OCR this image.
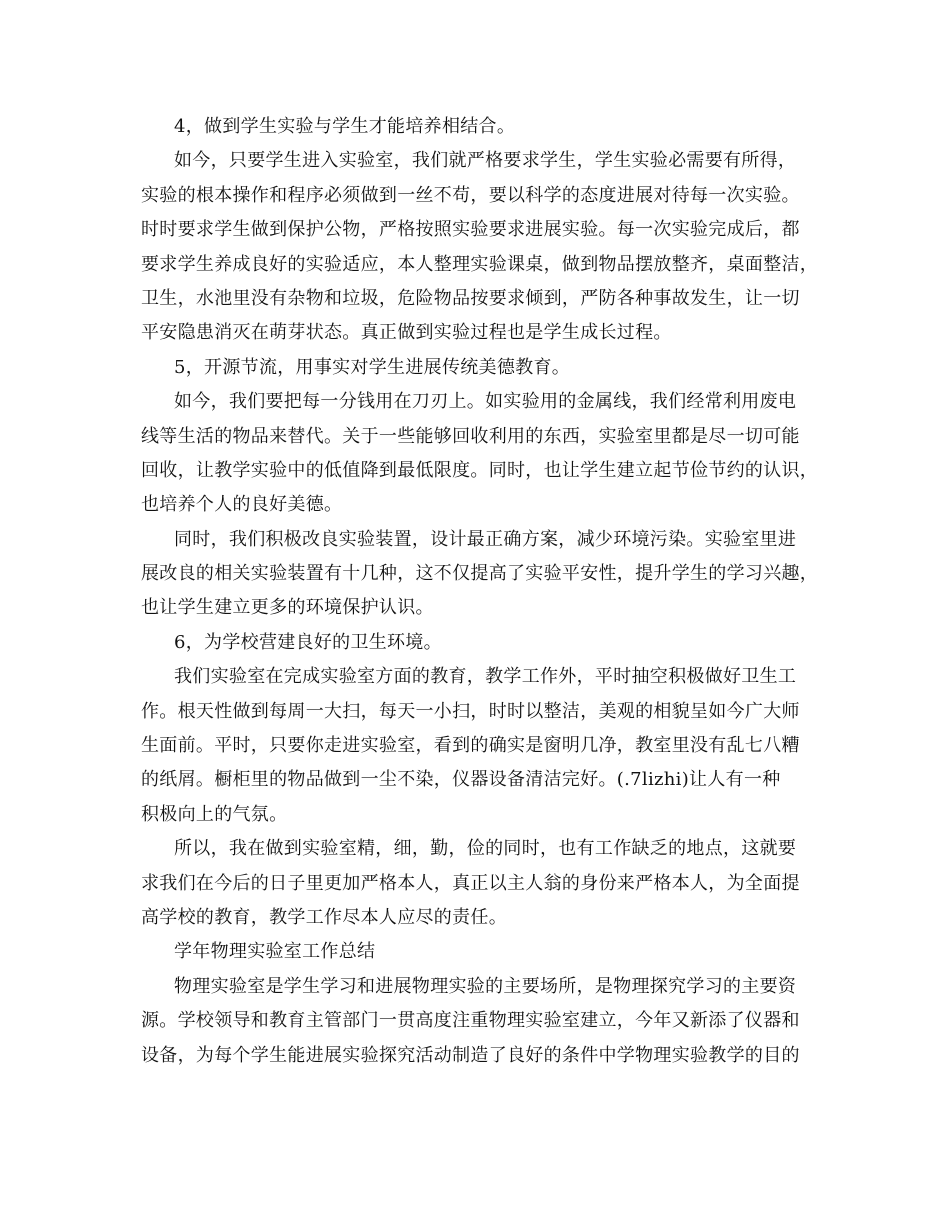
4，做到学生实验与学生才能培养相结合。
如今，只要学生进入实验室，我们就严格要求学生，学生实验必需要有所得，
实验的根本操作和程序必须做到一丝不苟，要以科学的态度进展对待每一次实验。
时时要求学生做到保护公物，严格按照实验要求进展实验。每一次实验完成后，都
要求学生养成良好的实验适应，本人整理实验课桌，做到物品摆放整齐，桌面整洁，
卫生，水池里没有杂物和垃圾，危险物品按要求倾到，严防各种事故发生，让一切
平安隐患消灭在萌芽状态。真正做到实验过程也是学生成长过程。
5，开源节流，用事实对学生进展传统美德教育。
如今，我们要把每一分钱用在刀刃上。如实验用的金属线，我们经常利用废电
线等生活的物品来替代。关于一些能够回收利用的东西，实验室里都是尽一切可能
回收，让教学实验中的低值降到最低限度。同时，也让学生建立起节俭节约的认识，
也培养个人的良好美德。
同时，我们积极改良实验装置，设计最正确方案，减少环境污染。实验室里进
展改良的相关实验装置有十几种，这不仅提高了实验平安性，提升学生的学习兴趣，
也让学生建立更多的环境保护认识。
6，为学校营建良好的卫生环境。
我们实验室在完成实验室方面的教育，教学工作外，平时抽空积极做好卫生工
作。根天性做到每周一大扫，每天一小扫，时时以整洁，美观的相貌呈如今广大师
生面前。平时，只要你走进实验室，看到的确实是窗明几净，教室里没有乱七八糟
的纸屑。橱柜里的物品做到一尘不染，仪器设备清洁完好。(.7lizhi)让人有一种
积极向上的气氛。
所以，我在做到实验室精，细，勤，俭的同时，也有工作缺乏的地点，这就要
求我们在今后的日子里更加严格本人，真正以主人翁的身份来严格本人，为全面提
高学校的教育，教学工作尽本人应尽的责任。
学年物理实验室工作总结
物理实验室是学生学习和进展物理实验的主要场所，是物理探究学习的主要资
源。学校领导和教育主管部门一贯高度注重物理实验室建立，今年又新添了仪器和
设备，为每个学生能进展实验探究活动制造了良好的条件中学物理实验教学的目的
